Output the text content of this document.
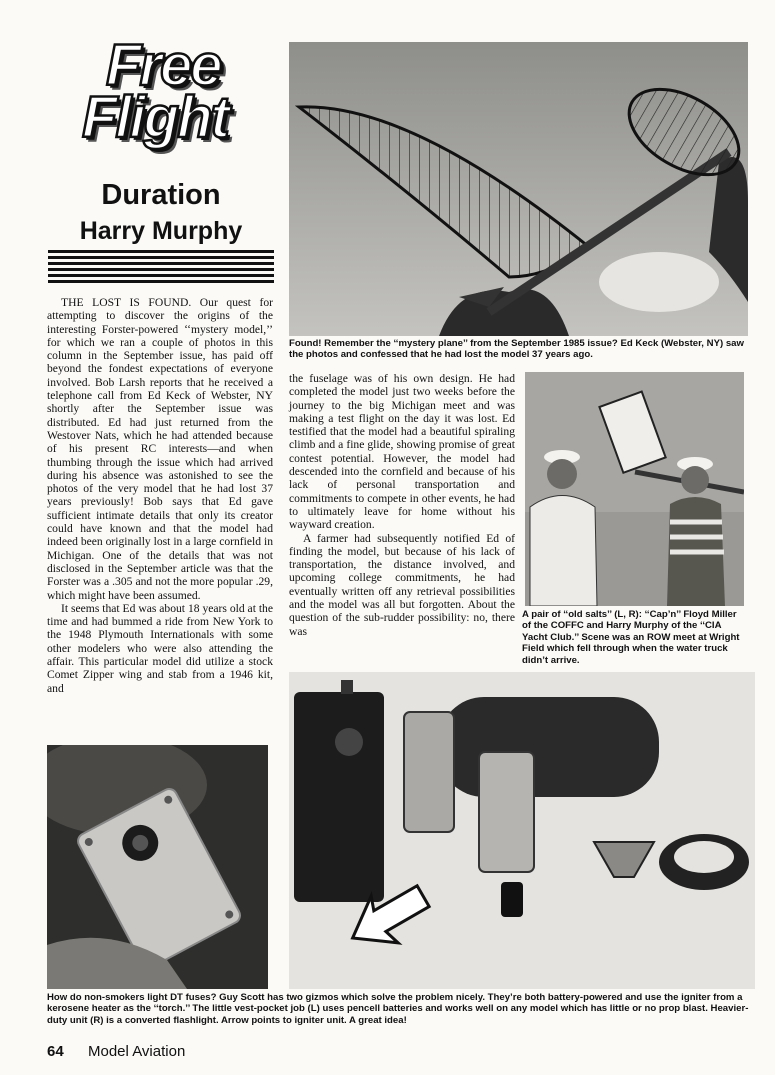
Free
Flight
Duration
Harry Murphy
Found! Remember the ‘‘mystery plane’’ from the September 1985 issue? Ed Keck (Webster, NY) saw the photos and confessed that he had lost the model 37 years ago.

THE LOST IS FOUND. Our quest for attempting to discover the origins of the interesting Forster-powered ‘‘mystery model,’’ for which we ran a couple of photos in this column in the September issue, has paid off beyond the fondest expectations of everyone involved. Bob Larsh reports that he received a telephone call from Ed Keck of Webster, NY shortly after the September issue was distributed. Ed had just returned from the Westover Nats, which he had attended because of his present RC interests—and when thumbing through the issue which had arrived during his absence was astonished to see the photos of the very model that he had lost 37 years previously! Bob says that Ed gave sufficient intimate details that only its creator could have known and that the model had indeed been originally lost in a large cornfield in Michigan. One of the details that was not disclosed in the September article was that the Forster was a .305 and not the more popular .29, which might have been assumed.

It seems that Ed was about 18 years old at the time and had bummed a ride from New York to the 1948 Plymouth Internationals with some other modelers who were also attending the affair. This particular model did utilize a stock Comet Zipper wing and stab from a 1946 kit, and

the fuselage was of his own design. He had completed the model just two weeks before the journey to the big Michigan meet and was making a test flight on the day it was lost. Ed testified that the model had a beautiful spiraling climb and a fine glide, showing promise of great contest potential. However, the model had descended into the cornfield and because of his lack of personal transportation and commitments to compete in other events, he had to ultimately leave for home without his wayward creation.

A farmer had subsequently notified Ed of finding the model, but because of his lack of transportation, the distance involved, and upcoming college commitments, he had eventually written off any retrieval possibilities and the model was all but forgotten. About the question of the sub-rudder possibility: no, there was

A pair of ‘‘old salts’’ (L, R): ‘‘Cap’n’’ Floyd Miller of the COFFC and Harry Murphy of the ‘‘CIA Yacht Club.’’ Scene was an ROW meet at Wright Field which fell through when the water truck didn’t arrive.
How do non-smokers light DT fuses? Guy Scott has two gizmos which solve the problem nicely. They’re both battery-powered and use the igniter from a kerosene heater as the ‘‘torch.’’ The little vest-pocket job (L) uses pencell batteries and works well on any model which has little or no prop blast. Heavier-duty unit (R) is a converted flashlight. Arrow points to igniter unit. A great idea!
64 Model Aviation
